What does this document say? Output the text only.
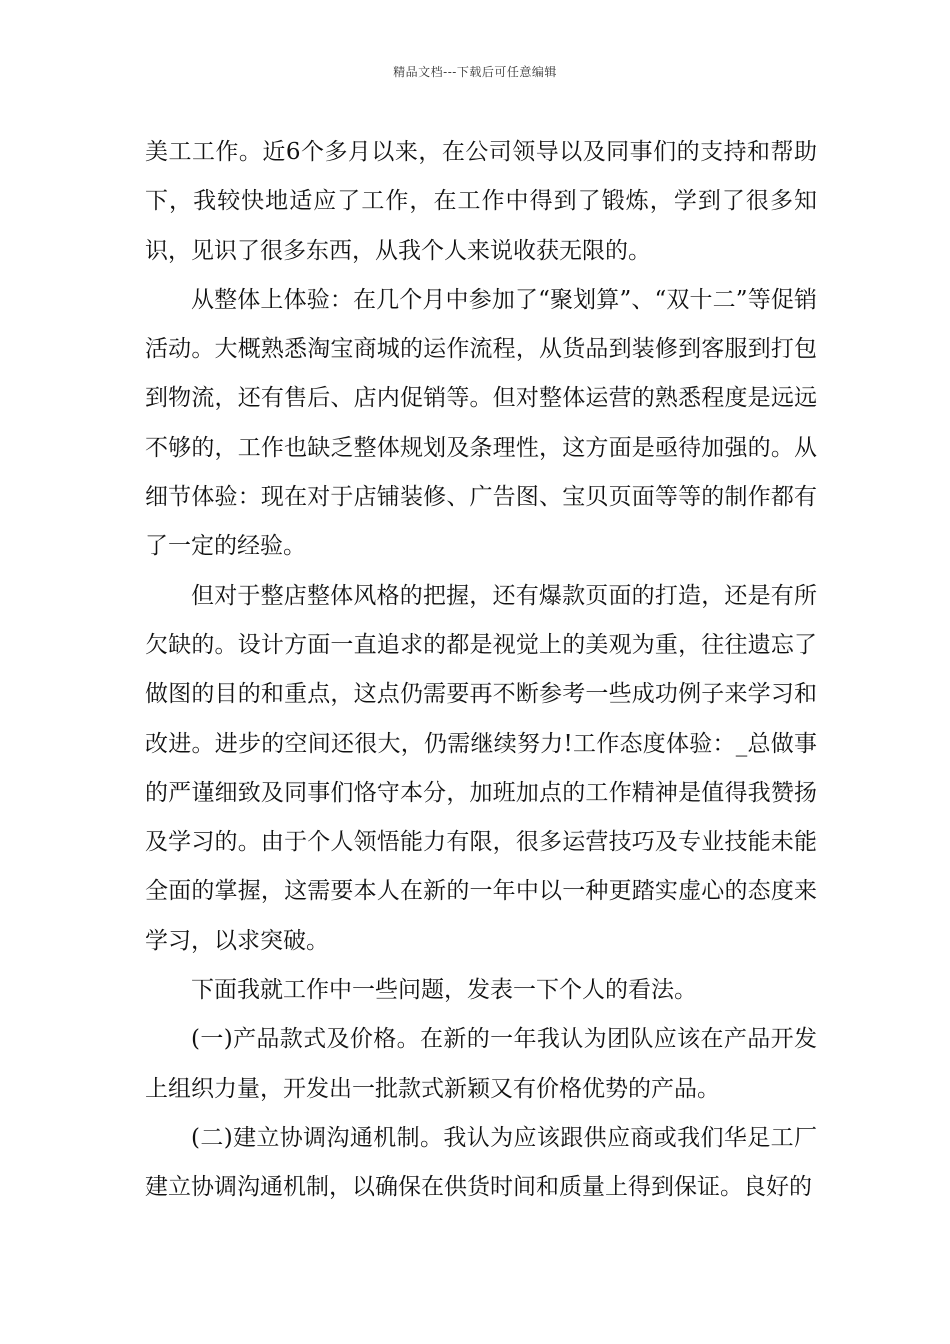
精品文档---下载后可任意编辑

美工工作。近6个多月以来，在公司领导以及同事们的支持和帮助下，我较快地适应了工作，在工作中得到了锻炼，学到了很多知识，见识了很多东西，从我个人来说收获无限的。

从整体上体验：在几个月中参加了“聚划算”、“双十二”等促销活动。大概熟悉淘宝商城的运作流程，从货品到装修到客服到打包到物流，还有售后、店内促销等。但对整体运营的熟悉程度是远远不够的，工作也缺乏整体规划及条理性，这方面是亟待加强的。从细节体验：现在对于店铺装修、广告图、宝贝页面等等的制作都有了一定的经验。

但对于整店整体风格的把握，还有爆款页面的打造，还是有所欠缺的。设计方面一直追求的都是视觉上的美观为重，往往遗忘了做图的目的和重点，这点仍需要再不断参考一些成功例子来学习和改进。进步的空间还很大，仍需继续努力!工作态度体验：_总做事的严谨细致及同事们恪守本分，加班加点的工作精神是值得我赞扬及学习的。由于个人领悟能力有限，很多运营技巧及专业技能未能全面的掌握，这需要本人在新的一年中以一种更踏实虚心的态度来学习，以求突破。

下面我就工作中一些问题，发表一下个人的看法。

(一)产品款式及价格。在新的一年我认为团队应该在产品开发上组织力量，开发出一批款式新颖又有价格优势的产品。

(二)建立协调沟通机制。我认为应该跟供应商或我们华足工厂建立协调沟通机制，以确保在供货时间和质量上得到保证。良好的
